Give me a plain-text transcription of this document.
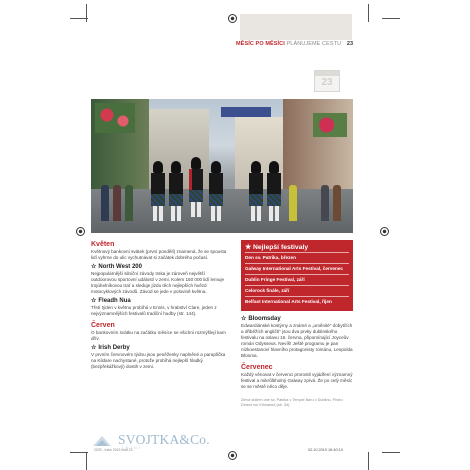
MĚSÍC PO MĚSÍCI PLÁNUJEME CESTU 23
23
Květen

Květnový bankovní svátek (první pondělí) znamená, že se spousta lidí vyhrne do ulic vychutnávat si začátek dobrého počasí.

☆ North West 200

Nejpopulárnější silniční závody Irska je zároveň největší outdoorovou sportovní událostí v zemi. Kolem 150 000 lidí lemuje trojúhelníkovou trať a sleduje jízdu těch nejlepších hvězd motocyklových závodů. Závod se jede v polovině května.

☆ Fleadh Nua

Třetí týden v květnu probíhá v Ennis, v hrabství Clare, jeden z nejvýznamnějších festivalů tradiční hudby (str. 144).

Červen

O bankovním svátku na začátku měsíce se všichni rozmýšlejí kam dřív.

☆ Irish Derby

V prvním červnovém týdnu jsou peněženky naplněné a paraplíčka na Kildare nachystané, protože probíhá nejlepší hladký (bezpřekážkový) dostih v zemi.

★ Nejlepší festivaly
Den sv. Patrika, březen
Galway International Arts Festival, červenec
Dublin Fringe Festival, září
Celorock finále, září
Belfast International Arts Festival, říjen
☆ Bloomsday

Edwardiánské kostýmy a známé a „uměnité“ dobytčích a dřiběžích angličtí“ jsou dva prvky dublinského festivalu na oslavu 16. června, připomínající Joyceův román Odysseus. Nevíš! Ještě programu je pan nízkoestanoví hlavního protagonisty románu, Leopolda Blooma.

Červenec

Každý věnovat v červenci prorostil vyjádření významný festival a mikrůlbholný Galway zpívá. Že po celý měsíc se se městě něco děje.

Zleva sídlem dne sv. Patrika v Temple Baru v Dublinu, Photo Dinest nor Kihnannd (str. 34)

SVOJTKA&Co.
LETNÍ
2029 - Irsko 2019 indd 23	02.10.2019 16:40:10
